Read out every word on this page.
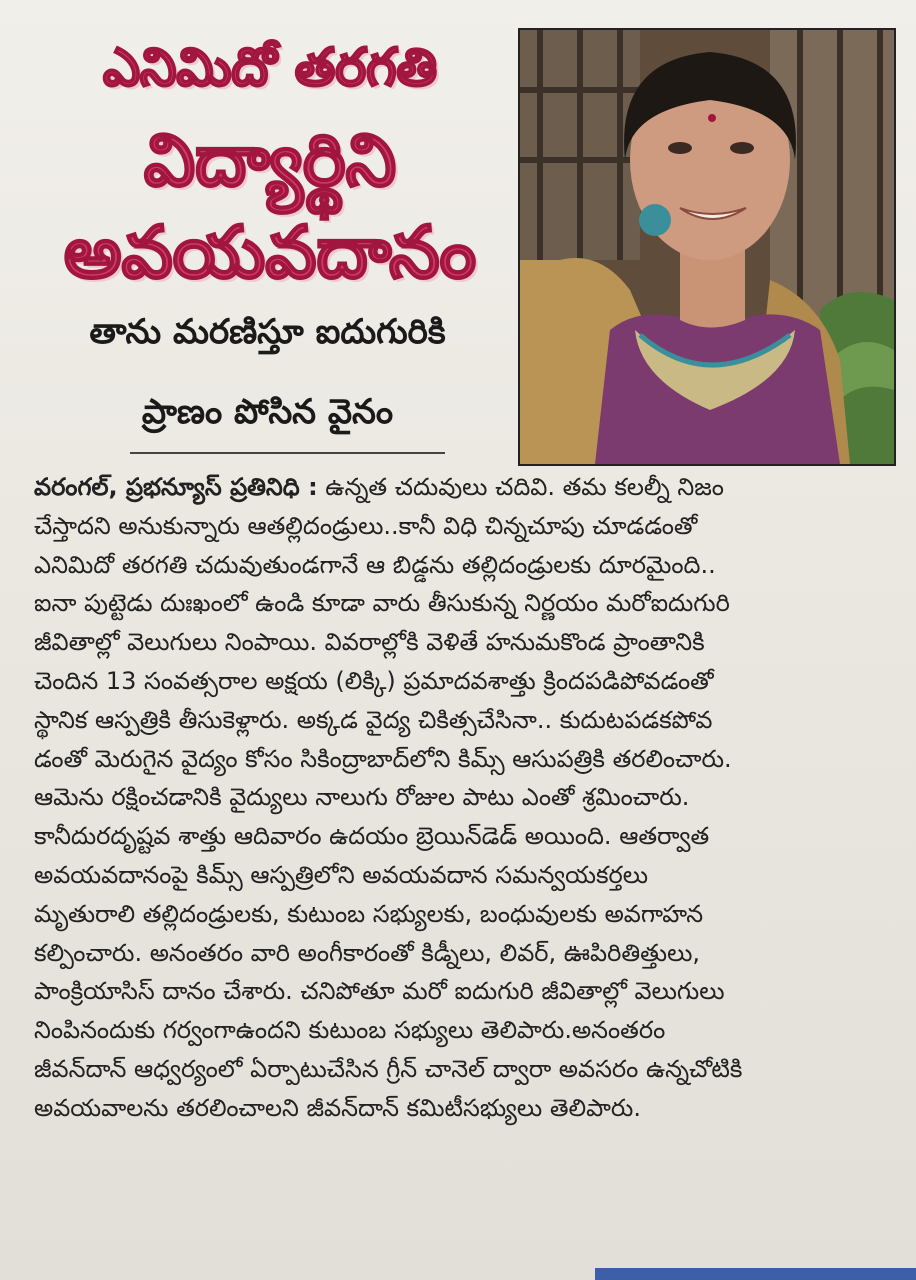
ఎనిమిదో తరగతి
విద్యార్థిని
అవయవదానం
తాను మరణిస్తూ ఐదుగురికి
ప్రాణం పోసిన వైనం
వరంగల్, ప్రభన్యూస్ ప్రతినిధి : ఉన్నత చదువులు చదివి. తమ కలల్నీ నిజం
చేస్తాదని అనుకున్నారు ఆతల్లిదండ్రులు..కానీ విధి చిన్నచూపు చూడడంతో
ఎనిమిదో తరగతి చదువుతుండగానే ఆ బిడ్డను తల్లిదండ్రులకు దూరమైంది..
ఐనా పుట్టెడు దుఃఖంలో ఉండి కూడా వారు తీసుకున్న నిర్ణయం మరోఐదుగురి
జీవితాల్లో వెలుగులు నింపాయి. వివరాల్లోకి వెళితే హనుమకొండ ప్రాంతానికి
చెందిన 13 సంవత్సరాల అక్షయ (లిక్కి) ప్రమాదవశాత్తు క్రిందపడిపోవడంతో
స్థానిక ఆస్పత్రికి తీసుకెళ్లారు. అక్కడ వైద్య చికిత్సచేసినా.. కుదుటపడకపోవ
డంతో మెరుగైన వైద్యం కోసం సికింద్రాబాద్‌లోని కిమ్స్ ఆసుపత్రికి తరలించారు.
ఆమెను రక్షించడానికి వైద్యులు నాలుగు రోజుల పాటు ఎంతో శ్రమించారు.
కానీదురదృష్టవ శాత్తు ఆదివారం ఉదయం బ్రెయిన్‌డెడ్ అయింది. ఆతర్వాత
అవయవదానంపై కిమ్స్ ఆస్పత్రిలోని అవయవదాన సమన్వయకర్తలు
మృతురాలి తల్లిదండ్రులకు, కుటుంబ సభ్యులకు, బంధువులకు అవగాహన
కల్పించారు. అనంతరం వారి అంగీకారంతో కిడ్నీలు, లివర్, ఊపిరితిత్తులు,
పాంక్రియాసిస్ దానం చేశారు. చనిపోతూ మరో ఐదుగురి జీవితాల్లో వెలుగులు
నింపినందుకు గర్వంగాఉందని కుటుంబ సభ్యులు తెలిపారు.అనంతరం
జీవన్‌దాన్ ఆధ్వర్యంలో ఏర్పాటుచేసిన గ్రీన్ చానెల్ ద్వారా అవసరం ఉన్నచోటికి
అవయవాలను తరలించాలని జీవన్‌దాన్ కమిటీసభ్యులు తెలిపారు.
